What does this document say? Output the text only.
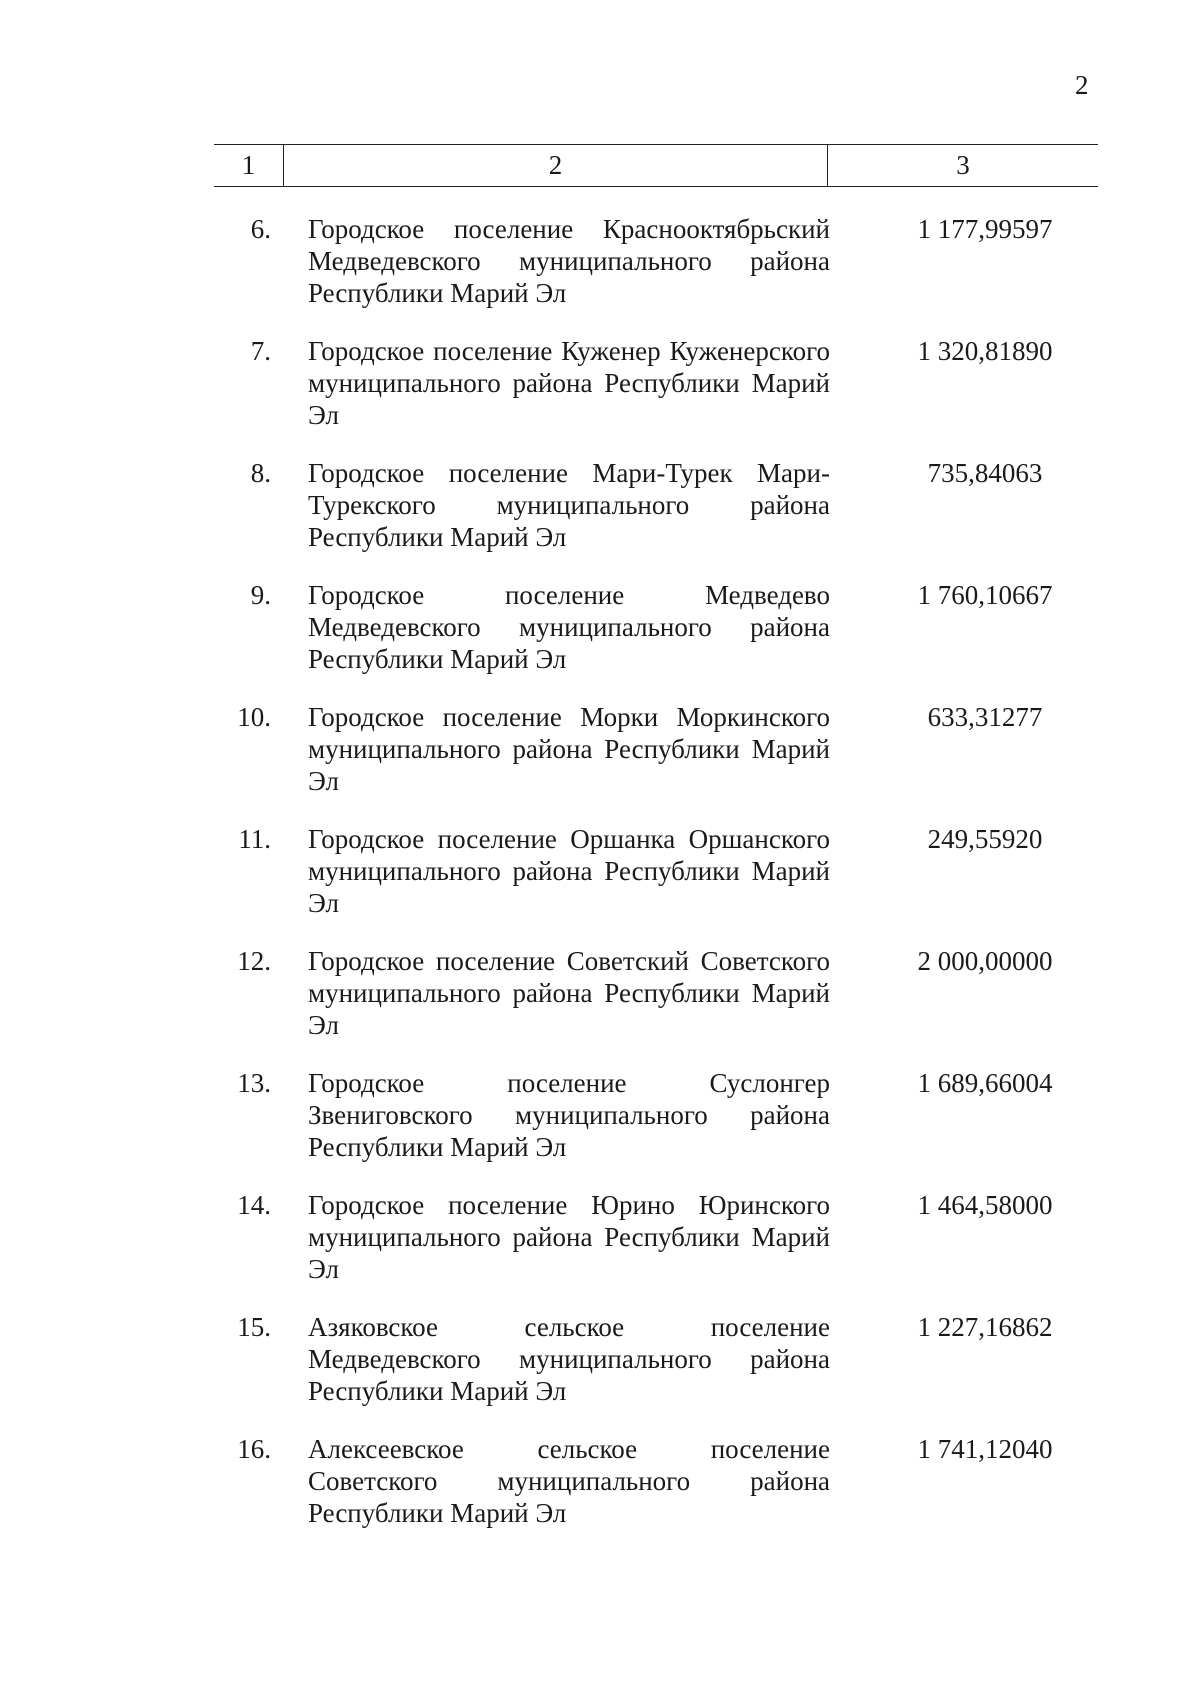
2
1	2	3
6. Городское поселение Краснооктябрьский Медведевского муниципального района Республики Марий Эл
1 177,99597
7. Городское поселение Куженер Куженерского муниципального района Республики Марий Эл
1 320,81890
8. Городское поселение Мари-Турек Мари-Турекского муниципального района Республики Марий Эл
735,84063
9. Городское поселение Медведево Медведевского муниципального района Республики Марий Эл
1 760,10667
10. Городское поселение Морки Моркинского муниципального района Республики Марий Эл
633,31277
11. Городское поселение Оршанка Оршанского муниципального района Республики Марий Эл
249,55920
12. Городское поселение Советский Советского муниципального района Республики Марий Эл
2 000,00000
13. Городское поселение Суслонгер Звениговского муниципального района Республики Марий Эл
1 689,66004
14. Городское поселение Юрино Юринского муниципального района Республики Марий Эл
1 464,58000
15. Азяковское сельское поселение Медведевского муниципального района Республики Марий Эл
1 227,16862
16. Алексеевское сельское поселение Советского муниципального района Республики Марий Эл
1 741,12040
